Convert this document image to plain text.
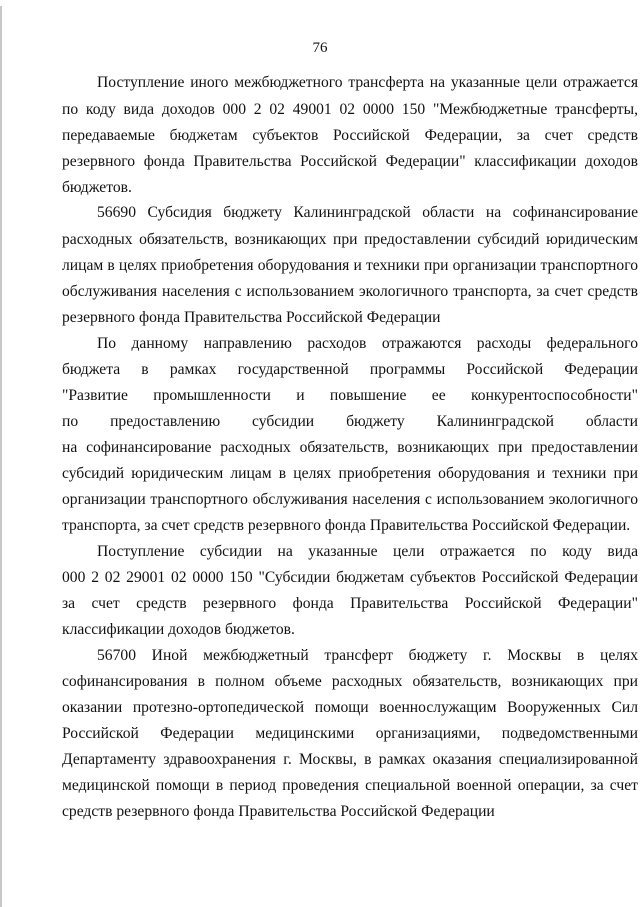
76
Поступление иного межбюджетного трансферта на указанные цели отражается
по коду вида доходов 000 2 02 49001 02 0000 150 "Межбюджетные трансферты,
передаваемые бюджетам субъектов Российской Федерации, за счет средств
резервного фонда Правительства Российской Федерации" классификации доходов
бюджетов.
56690 Субсидия бюджету Калининградской области на софинансирование
расходных обязательств, возникающих при предоставлении субсидий юридическим
лицам в целях приобретения оборудования и техники при организации транспортного
обслуживания населения с использованием экологичного транспорта, за счет средств
резервного фонда Правительства Российской Федерации
По данному направлению расходов отражаются расходы федерального
бюджета в рамках государственной программы Российской Федерации
"Развитие промышленности и повышение ее конкурентоспособности"
по предоставлению субсидии бюджету Калининградской области
на софинансирование расходных обязательств, возникающих при предоставлении
субсидий юридическим лицам в целях приобретения оборудования и техники при
организации транспортного обслуживания населения с использованием экологичного
транспорта, за счет средств резервного фонда Правительства Российской Федерации.
Поступление субсидии на указанные цели отражается по коду вида
000 2 02 29001 02 0000 150 "Субсидии бюджетам субъектов Российской Федерации
за счет средств резервного фонда Правительства Российской Федерации"
классификации доходов бюджетов.
56700 Иной межбюджетный трансферт бюджету г. Москвы в целях
софинансирования в полном объеме расходных обязательств, возникающих при
оказании протезно-ортопедической помощи военнослужащим Вооруженных Сил
Российской Федерации медицинскими организациями, подведомственными
Департаменту здравоохранения г. Москвы, в рамках оказания специализированной
медицинской помощи в период проведения специальной военной операции, за счет
средств резервного фонда Правительства Российской Федерации
